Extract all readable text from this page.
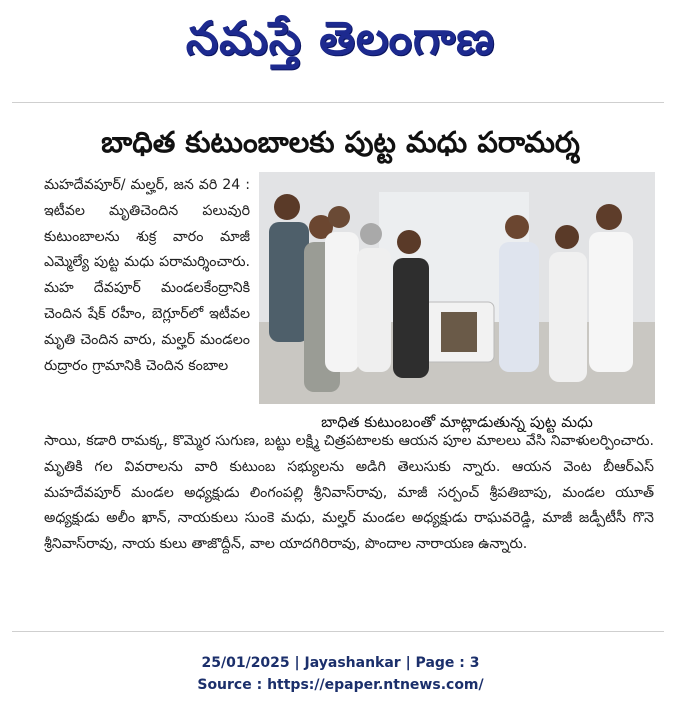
నమస్తే తెలంగాణ
బాధిత కుటుంబాలకు పుట్ట మధు పరామర్శ
మహదేవపూర్/ మల్హర్, జన వరి 24 : ఇటీవల మృతిచెందిన పలువురి కుటుంబాలను శుక్ర వారం మాజీ ఎమ్మెల్యే పుట్ట మధు పరామర్శించారు. మహ దేవపూర్ మండలకేంద్రానికి చెందిన షేక్ రహీం, బెగ్లూర్‌లో ఇటీవల మృతి చెందిన వారు, మల్హర్ మండలం రుద్రారం గ్రామానికి చెందిన కంబాల
బాధిత కుటుంబంతో మాట్లాడుతున్న పుట్ట మధు
సాయి, కడారి రామక్క, కొమ్మెర సుగుణ, బట్టు లక్ష్మి చిత్రపటాలకు ఆయన పూల మాలలు వేసి నివాళులర్పించారు. మృతికి గల వివరాలను వారి కుటుంబ సభ్యులను అడిగి తెలుసుకు న్నారు. ఆయన వెంట బీఆర్‌ఎస్ మహదేవపూర్ మండల అధ్యక్షుడు లింగంపల్లి శ్రీనివాస్‌రావు, మాజీ సర్పంచ్ శ్రీపతిబాపు, మండల యూత్ అధ్యక్షుడు అలీం ఖాన్, నాయకులు సుంకె మధు, మల్హర్ మండల అధ్యక్షుడు రాఘవరెడ్డి, మాజీ జడ్పీటీసీ గొనె శ్రీనివాస్‌రావు, నాయ కులు తాజొద్దీన్, వాల యాదగిరిరావు, పొందాల నారాయణ ఉన్నారు.
25/01/2025 | Jayashankar | Page : 3
Source : https://epaper.ntnews.com/
